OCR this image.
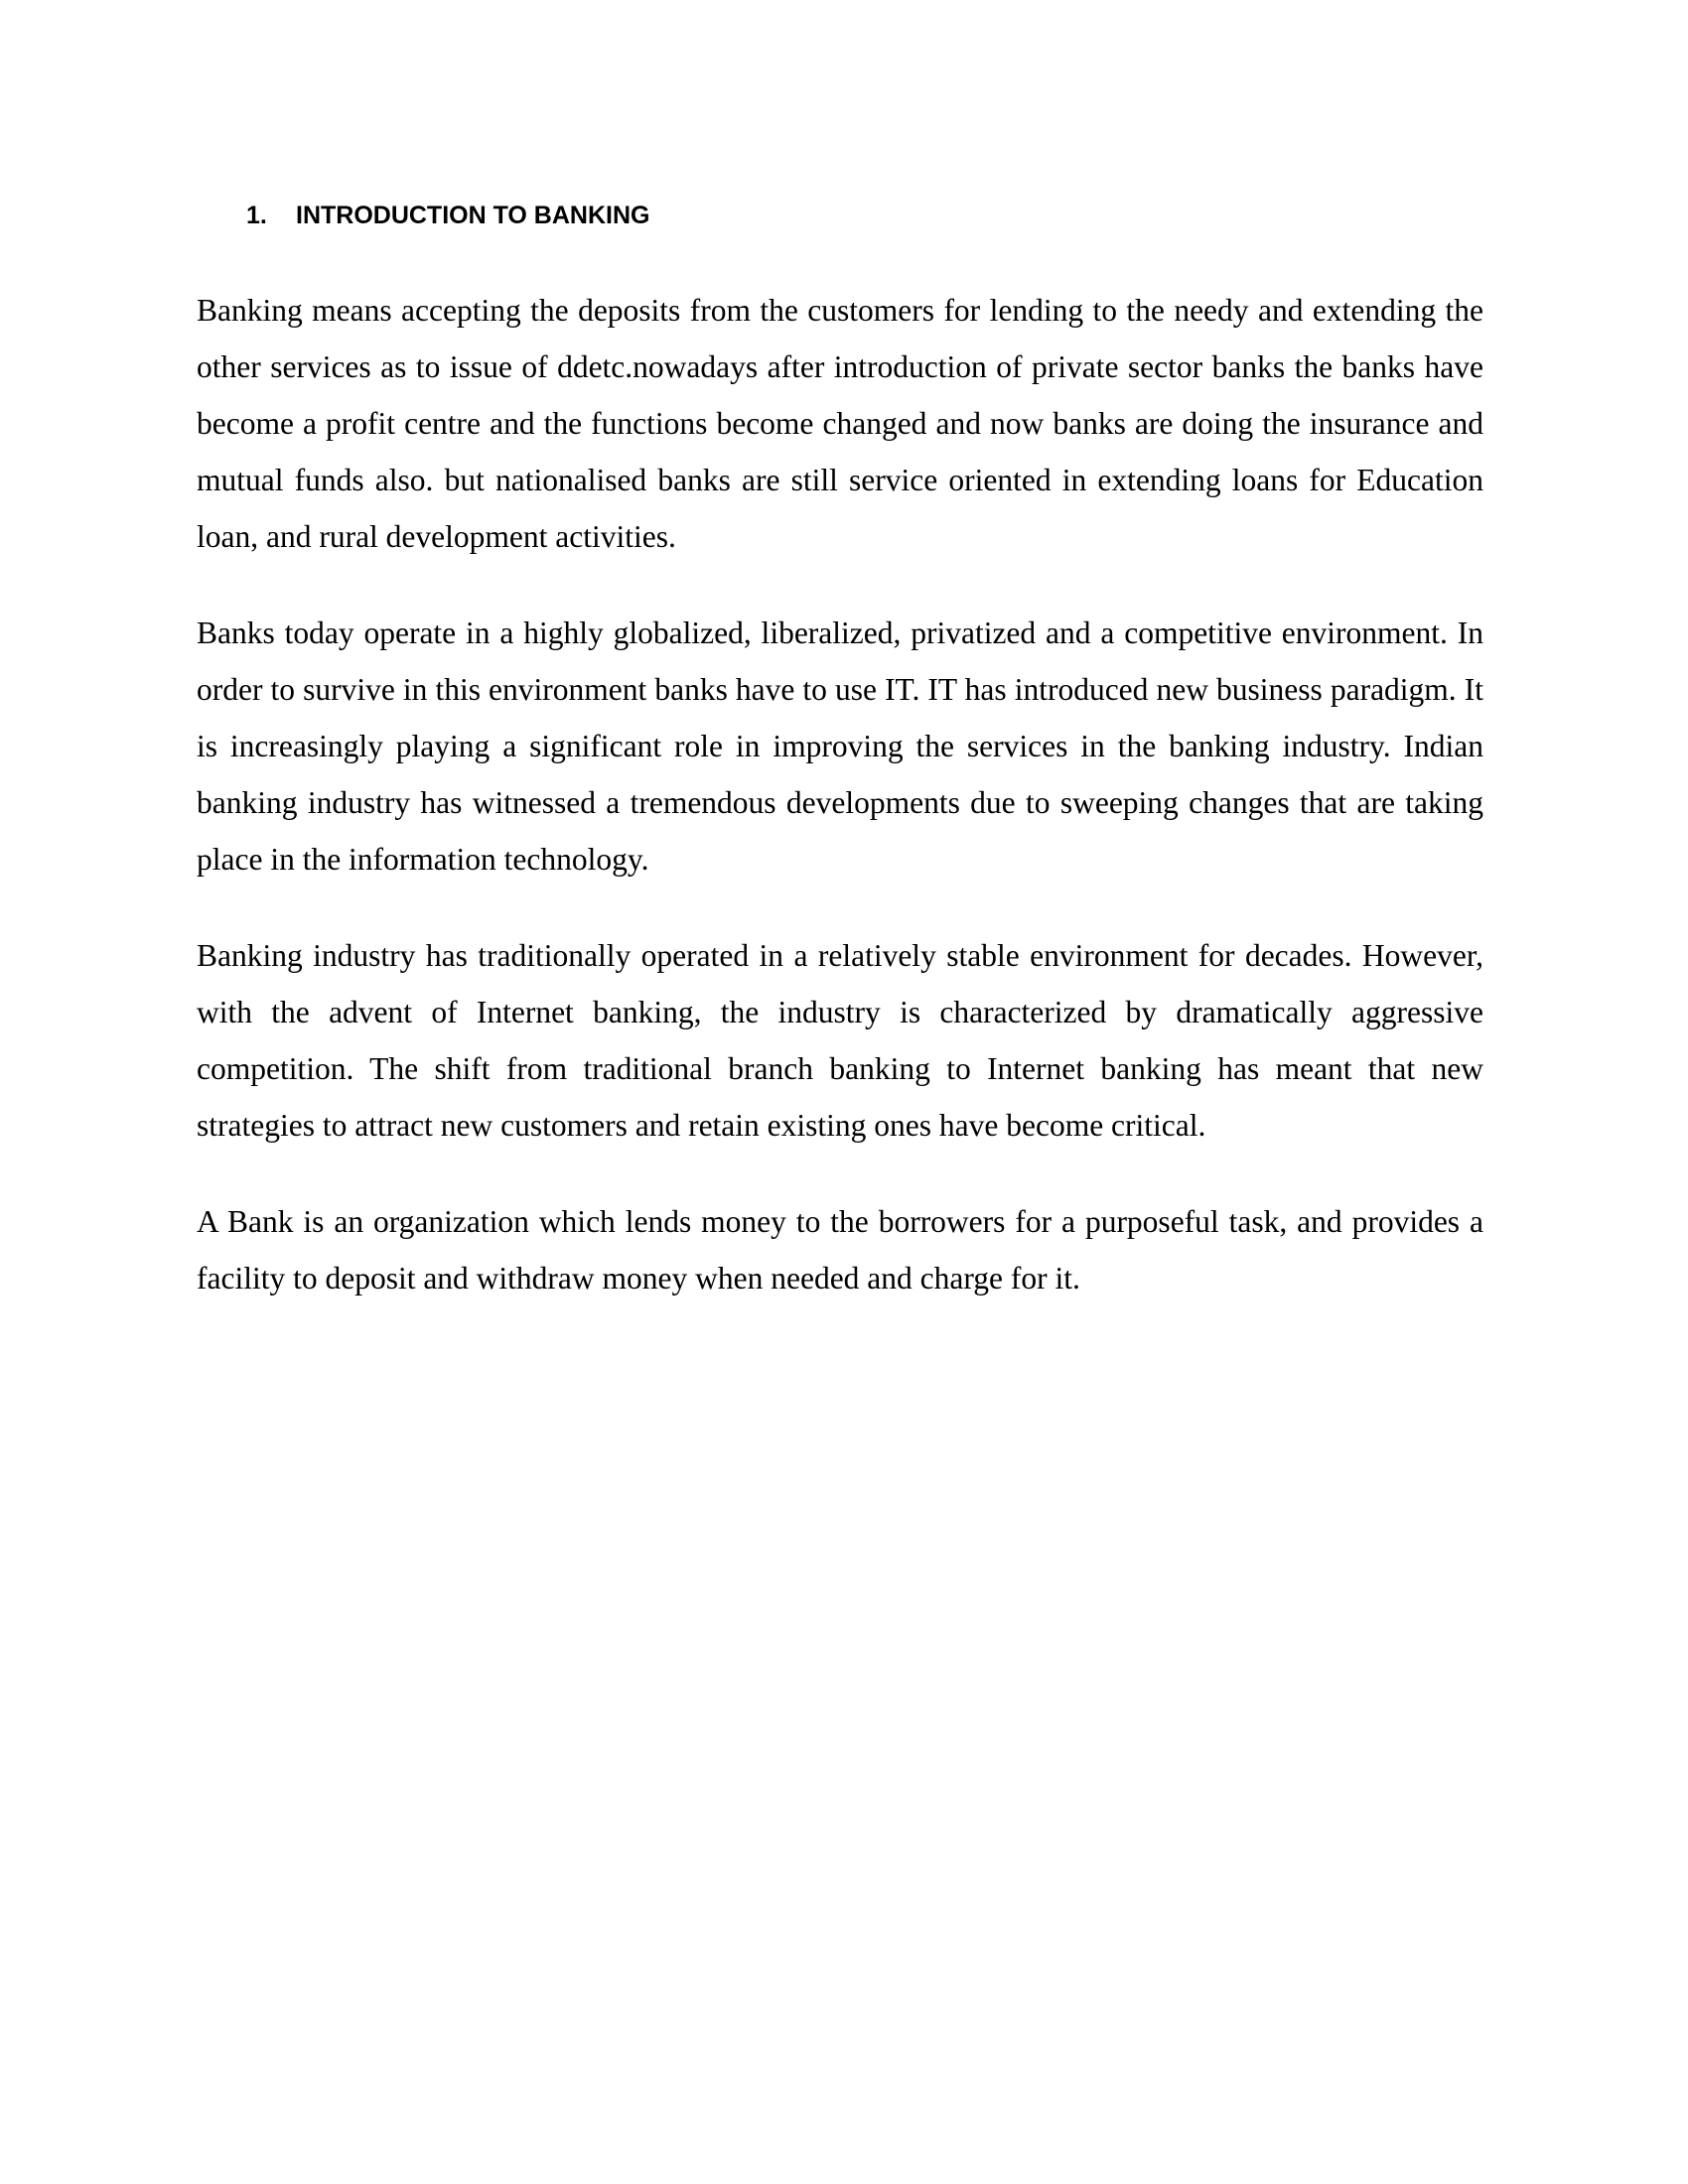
1. INTRODUCTION TO BANKING

Banking means accepting the deposits from the customers for lending to the needy and extending the other services as to issue of ddetc.nowadays after introduction of private sector banks the banks have become a profit centre and the functions become changed and now banks are doing the insurance and mutual funds also. but nationalised banks are still service oriented in extending loans for Education loan, and rural development activities.

Banks today operate in a highly globalized, liberalized, privatized and a competitive environment. In order to survive in this environment banks have to use IT. IT has introduced new business paradigm. It is increasingly playing a significant role in improving the services in the banking industry. Indian banking industry has witnessed a tremendous developments due to sweeping changes that are taking place in the information technology.

Banking industry has traditionally operated in a relatively stable environment for decades. However, with the advent of Internet banking, the industry is characterized by dramatically aggressive competition. The shift from traditional branch banking to Internet banking has meant that new strategies to attract new customers and retain existing ones have become critical.

A Bank is an organization which lends money to the borrowers for a purposeful task, and provides a facility to deposit and withdraw money when needed and charge for it.
